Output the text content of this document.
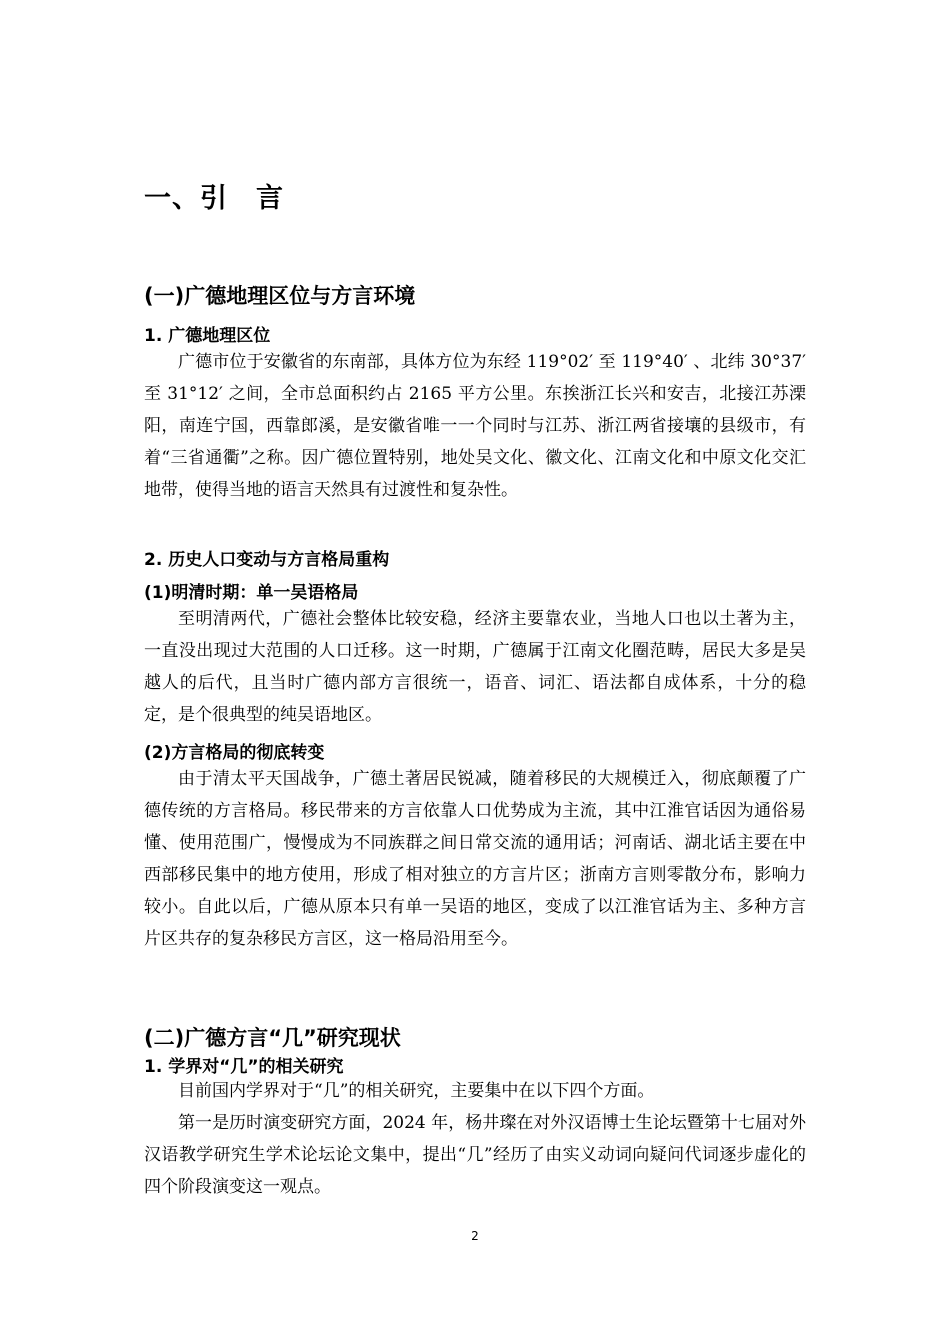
一、引　言
(一)广德地理区位与方言环境
1. 广德地理区位

广德市位于安徽省的东南部，具体方位为东经 119°02′ 至 119°40′ 、北纬 30°37′ 至 31°12′ 之间，全市总面积约占 2165 平方公里。东挨浙江长兴和安吉，北接江苏溧阳，南连宁国，西靠郎溪，是安徽省唯一一个同时与江苏、浙江两省接壤的县级市，有着“三省通衢”之称。因广德位置特别，地处吴文化、徽文化、江南文化和中原文化交汇地带，使得当地的语言天然具有过渡性和复杂性。

2. 历史人口变动与方言格局重构
(1)明清时期：单一吴语格局

至明清两代，广德社会整体比较安稳，经济主要靠农业，当地人口也以土著为主，一直没出现过大范围的人口迁移。这一时期，广德属于江南文化圈范畴，居民大多是吴越人的后代，且当时广德内部方言很统一，语音、词汇、语法都自成体系，十分的稳定，是个很典型的纯吴语地区。

(2)方言格局的彻底转变

由于清太平天国战争，广德土著居民锐减，随着移民的大规模迁入，彻底颠覆了广德传统的方言格局。移民带来的方言依靠人口优势成为主流，其中江淮官话因为通俗易懂、使用范围广，慢慢成为不同族群之间日常交流的通用话；河南话、湖北话主要在中西部移民集中的地方使用，形成了相对独立的方言片区；浙南方言则零散分布，影响力较小。自此以后，广德从原本只有单一吴语的地区，变成了以江淮官话为主、多种方言片区共存的复杂移民方言区，这一格局沿用至今。

(二)广德方言“几”研究现状
1. 学界对“几”的相关研究

目前国内学界对于“几”的相关研究，主要集中在以下四个方面。

第一是历时演变研究方面，2024 年，杨井璨在对外汉语博士生论坛暨第十七届对外汉语教学研究生学术论坛论文集中，提出“几”经历了由实义动词向疑问代词逐步虚化的四个阶段演变这一观点。

2
